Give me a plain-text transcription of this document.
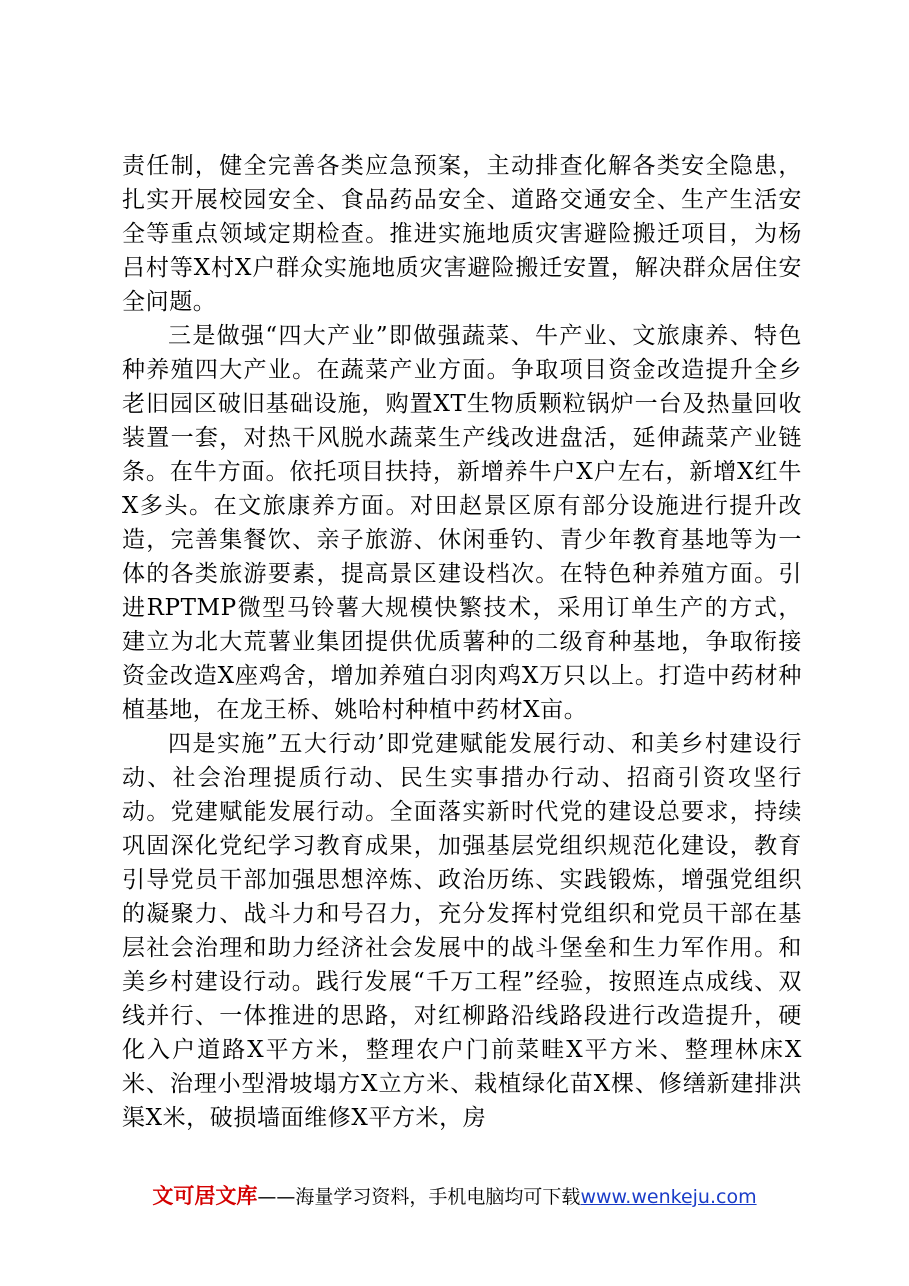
责任制，健全完善各类应急预案，主动排查化解各类安全隐患，扎实开展校园安全、食品药品安全、道路交通安全、生产生活安全等重点领域定期检查。推进实施地质灾害避险搬迁项目，为杨吕村等X村X户群众实施地质灾害避险搬迁安置，解决群众居住安全问题。

三是做强“四大产业”即做强蔬菜、牛产业、文旅康养、特色种养殖四大产业。在蔬菜产业方面。争取项目资金改造提升全乡老旧园区破旧基础设施，购置XT生物质颗粒锅炉一台及热量回收装置一套，对热干风脱水蔬菜生产线改进盘活，延伸蔬菜产业链条。在牛方面。依托项目扶持，新增养牛户X户左右，新增X红牛X多头。在文旅康养方面。对田赵景区原有部分设施进行提升改造，完善集餐饮、亲子旅游、休闲垂钓、青少年教育基地等为一体的各类旅游要素，提高景区建设档次。在特色种养殖方面。引进RPTMP微型马铃薯大规模快繁技术，采用订单生产的方式，建立为北大荒薯业集团提供优质薯种的二级育种基地，争取衔接资金改造X座鸡舍，增加养殖白羽肉鸡X万只以上。打造中药材种植基地，在龙王桥、姚哈村种植中药材X亩。

四是实施”五大行动’即党建赋能发展行动、和美乡村建设行动、社会治理提质行动、民生实事措办行动、招商引资攻坚行动。党建赋能发展行动。全面落实新时代党的建设总要求，持续巩固深化党纪学习教育成果，加强基层党组织规范化建设，教育引导党员干部加强思想淬炼、政治历练、实践锻炼，增强党组织的凝聚力、战斗力和号召力，充分发挥村党组织和党员干部在基层社会治理和助力经济社会发展中的战斗堡垒和生力军作用。和美乡村建设行动。践行发展“千万工程”经验，按照连点成线、双线并行、一体推进的思路，对红柳路沿线路段进行改造提升，硬化入户道路X平方米，整理农户门前菜畦X平方米、整理林床X米、治理小型滑坡塌方X立方米、栽植绿化苗X棵、修缮新建排洪渠X米，破损墙面维修X平方米，房

文可居文库——海量学习资料，手机电脑均可下载www.wenkeju.com
